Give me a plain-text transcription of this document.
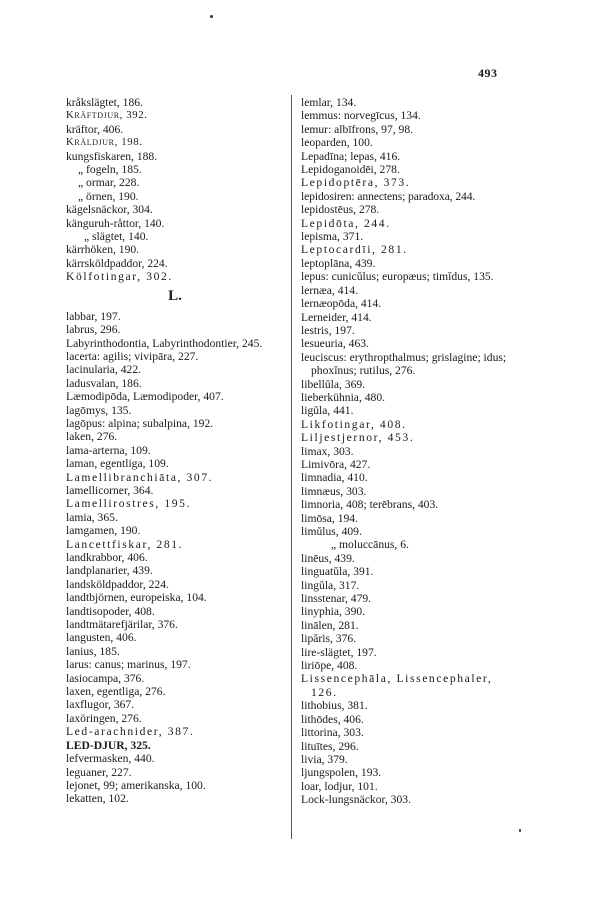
493
kråkslägtet, 186.
Kräftdjur, 392.
kräftor, 406.
Kräldjur, 198.
kungsfiskaren, 188.
„ fogeln, 185.
„ ormar, 228.
„ örnen, 190.
kägelsnäckor, 304.
känguruh-råttor, 140.
„ slägtet, 140.
kärrhöken, 190.
kärrsköldpaddor, 224.
Kölfotingar, 302.
L.
labbar, 197.
labrus, 296.
Labyrinthodontia, Labyrinthodontier, 245.
lacerta: agilis; vivipāra, 227.
lacinularia, 422.
ladusvalan, 186.
Læmodipōda, Læmodipoder, 407.
lagōmys, 135.
lagōpus: alpina; subalpina, 192.
laken, 276.
lama-arterna, 109.
laman, egentliga, 109.
Lamellibranchiāta, 307.
lamellicorner, 364.
Lamellirostres, 195.
lamia, 365.
lamgamen, 190.
Lancettfiskar, 281.
landkrabbor, 406.
landplanarier, 439.
landsköldpaddor, 224.
landtbjörnen, europeiska, 104.
landtisopoder, 408.
landtmätarefjärilar, 376.
langusten, 406.
lanius, 185.
larus: canus; marinus, 197.
lasiocampa, 376.
laxen, egentliga, 276.
laxflugor, 367.
laxöringen, 276.
Led-arachnider, 387.
LED-DJUR, 325.
lefvermasken, 440.
leguaner, 227.
lejonet, 99; amerikanska, 100.
lekatten, 102.
lemlar, 134.
lemmus: norvegīcus, 134.
lemur: albīfrons, 97, 98.
leoparden, 100.
Lepadīna; lepas, 416.
Lepidoganoidēi, 278.
Lepidoptēra, 373.
lepidosiren: annectens; paradoxa, 244.
lepidostēus, 278.
Lepidōta, 244.
lepisma, 371.
Leptocardīi, 281.
leptoplāna, 439.
lepus: cunicŭlus; europæus; timĭdus, 135.
lernæa, 414.
lernæopōda, 414.
Lerneider, 414.
lestris, 197.
lesueuria, 463.
leuciscus: erythropthalmus; grislagine; idus; phoxĭnus; rutilus, 276.
libellŭla, 369.
lieberkühnia, 480.
ligŭla, 441.
Likfotingar, 408.
Liljestjernor, 453.
limax, 303.
Limivōra, 427.
limnadia, 410.
limnæus, 303.
limnoria, 408; terēbrans, 403.
limōsa, 194.
limŭlus, 409.
„ moluccānus, 6.
linēus, 439.
linguatŭla, 391.
lingŭla, 317.
linsstenar, 479.
linyphia, 390.
linālen, 281.
lipăris, 376.
lire-slägtet, 197.
liriōpe, 408.
Lissencephāla, Lissencephaler, 126.
lithobius, 381.
lithōdes, 406.
littorina, 303.
lituītes, 296.
livia, 379.
ljungspolen, 193.
loar, lodjur, 101.
Lock-lungsnäckor, 303.
